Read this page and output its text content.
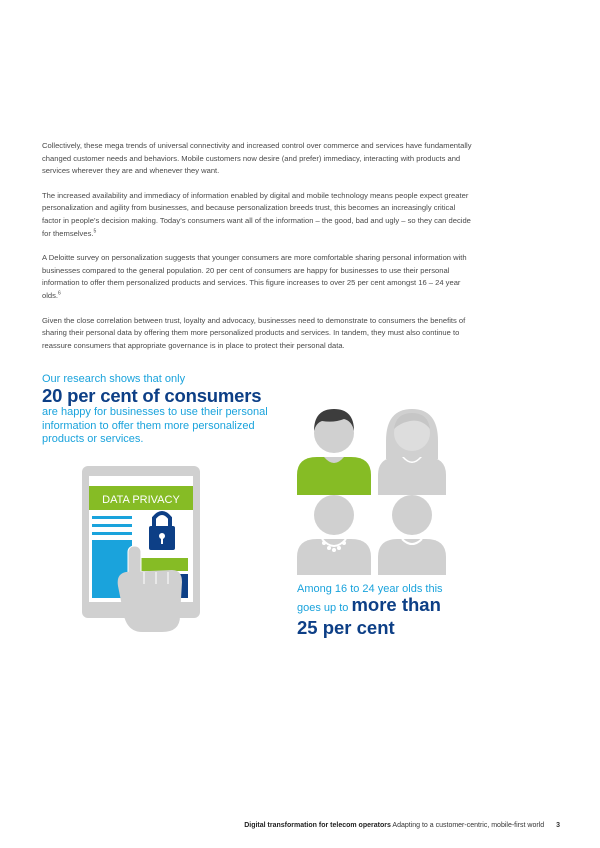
Collectively, these mega trends of universal connectivity and increased control over commerce and services have fundamentally changed customer needs and behaviors. Mobile customers now desire (and prefer) immediacy, interacting with products and services wherever they are and whenever they want.

The increased availability and immediacy of information enabled by digital and mobile technology means people expect greater personalization and agility from businesses, and because personalization breeds trust, this becomes an increasingly critical factor in people’s decision making. Today’s consumers want all of the information – the good, bad and ugly – so they can decide for themselves.$^5$

A Deloitte survey on personalization suggests that younger consumers are more comfortable sharing personal information with businesses compared to the general population. 20 per cent of consumers are happy for businesses to use their personal information to offer them personalized products and services. This figure increases to over 25 per cent amongst 16 – 24 year olds.$^6$

Given the close correlation between trust, loyalty and advocacy, businesses need to demonstrate to consumers the benefits of sharing their personal data by offering them more personalized products and services. In tandem, they must also continue to reassure consumers that appropriate governance is in place to protect their personal data.

Our research shows that only
20 per cent of consumers
are happy for businesses to use their personal information to offer them more personalized products or services.
DATA PRIVACY
Among 16 to 24 year olds this
goes up to more than
25 per cent
Digital transformation for telecom operators Adapting to a customer-centric, mobile-first world 3
